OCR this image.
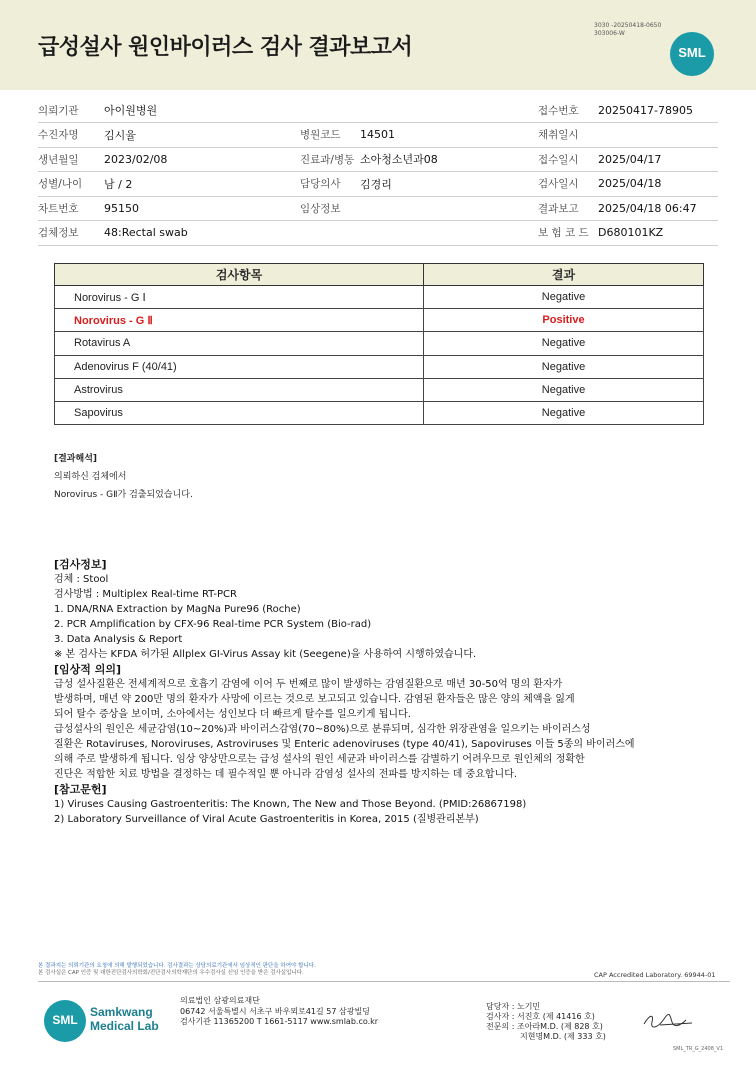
급성설사 원인바이러스 검사 결과보고서
3030 -20250418-0650
303006-W
SML
의뢰기관	아이원병원			접수번호	20250417-78905
수진자명	김시율	병원코드	14501	채취일시	
생년월일	2023/02/08	진료과/병동	소아청소년과08	접수일시	2025/04/17
성별/나이	남 / 2	담당의사	김경리	검사일시	2025/04/18
차트번호	95150	임상정보		결과보고	2025/04/18 06:47
검체정보	48:Rectal swab			보 험 코 드	D680101KZ
검사항목	결과
Norovirus - G Ⅰ	Negative
Norovirus - G Ⅱ	Positive
Rotavirus A	Negative
Adenovirus F (40/41)	Negative
Astrovirus	Negative
Sapovirus	Negative
[결과해석]
의뢰하신 검체에서
Norovirus - GⅡ가 검출되었습니다.
[검사정보]
검체 : Stool
검사방법 : Multiplex Real-time RT-PCR
1. DNA/RNA Extraction by MagNa Pure96 (Roche)
2. PCR Amplification by CFX-96 Real-time PCR System (Bio-rad)
3. Data Analysis & Report
※ 본 검사는 KFDA 허가된 Allplex GI-Virus Assay kit (Seegene)을 사용하여 시행하였습니다.
[임상적 의의]
급성 설사질환은 전세계적으로 호흡기 감염에 이어 두 번째로 많이 발생하는 감염질환으로 매년 30-50억 명의 환자가
발생하며, 매년 약 200만 명의 환자가 사망에 이르는 것으로 보고되고 있습니다. 감염된 환자들은 많은 양의 체액을 잃게
되어 탈수 증상을 보이며, 소아에서는 성인보다 더 빠르게 탈수를 일으키게 됩니다.
급성설사의 원인은 세균감염(10~20%)과 바이러스감염(70~80%)으로 분류되며, 심각한 위장관염을 일으키는 바이러스성
질환은 Rotaviruses, Noroviruses, Astroviruses 및 Enteric adenoviruses (type 40/41), Sapoviruses 이들 5종의 바이러스에
의해 주로 발생하게 됩니다. 임상 양상만으로는 급성 설사의 원인 세균과 바이러스를 감별하기 어려우므로 원인체의 정확한
진단은 적합한 치료 방법을 결정하는 데 필수적일 뿐 아니라 감염성 설사의 전파를 방지하는 데 중요합니다.
[참고문헌]
1) Viruses Causing Gastroenteritis: The Known, The New and Those Beyond. (PMID:26867198)
2) Laboratory Surveillance of Viral Acute Gastroenteritis in Korea, 2015 (질병관리본부)
본 결과지는 의뢰기관의 요청에 의해 발행되었습니다. 검사결과는 상담의료기관에서 임상적인 판단을 하여야 합니다.
본 검사실은 CAP 인증 및 대한진단검사의학회/진단검사의학재단의 우수검사실 신임 인증을 받은 검사실입니다.	CAP Accredited Laboratory. 69944-01
SML
Samkwang
Medical Lab
의료법인 삼광의료재단
06742 서울특별시 서초구 바우뫼로41길 57 삼광빌딩
검사기관 11365200 T 1661-5117 www.smlab.co.kr
담당자 : 노기민
검사자 : 서진호 (제 41416 호)
전문의 : 조아라M.D. (제 828 호)
지현명M.D. (제 333 호)
SML_TR_G_2408_V1
